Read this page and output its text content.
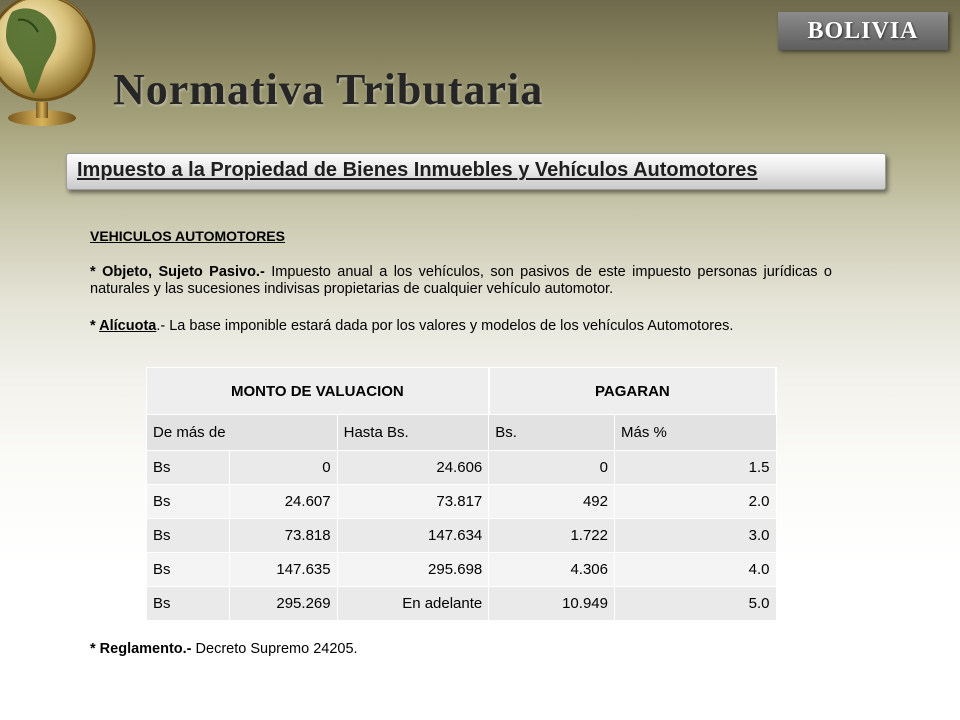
BOLIVIA
Normativa Tributaria
Impuesto a la Propiedad de Bienes Inmuebles y Vehículos Automotores

VEHICULOS AUTOMOTORES

* Objeto, Sujeto Pasivo.- Impuesto anual a los vehículos, son pasivos de este impuesto personas jurídicas o naturales y las sucesiones indivisas propietarias de cualquier vehículo automotor.

* Alícuota.- La base imponible estará dada por los valores y modelos de los vehículos Automotores.

MONTO DE VALUACION			PAGARAN	
De más de		Hasta Bs.	Bs.	Más %
Bs	0	24.606	0	1.5
Bs	24.607	73.817	492	2.0
Bs	73.818	147.634	1.722	3.0
Bs	147.635	295.698	4.306	4.0
Bs	295.269	En adelante	10.949	5.0

* Reglamento.- Decreto Supremo 24205.
